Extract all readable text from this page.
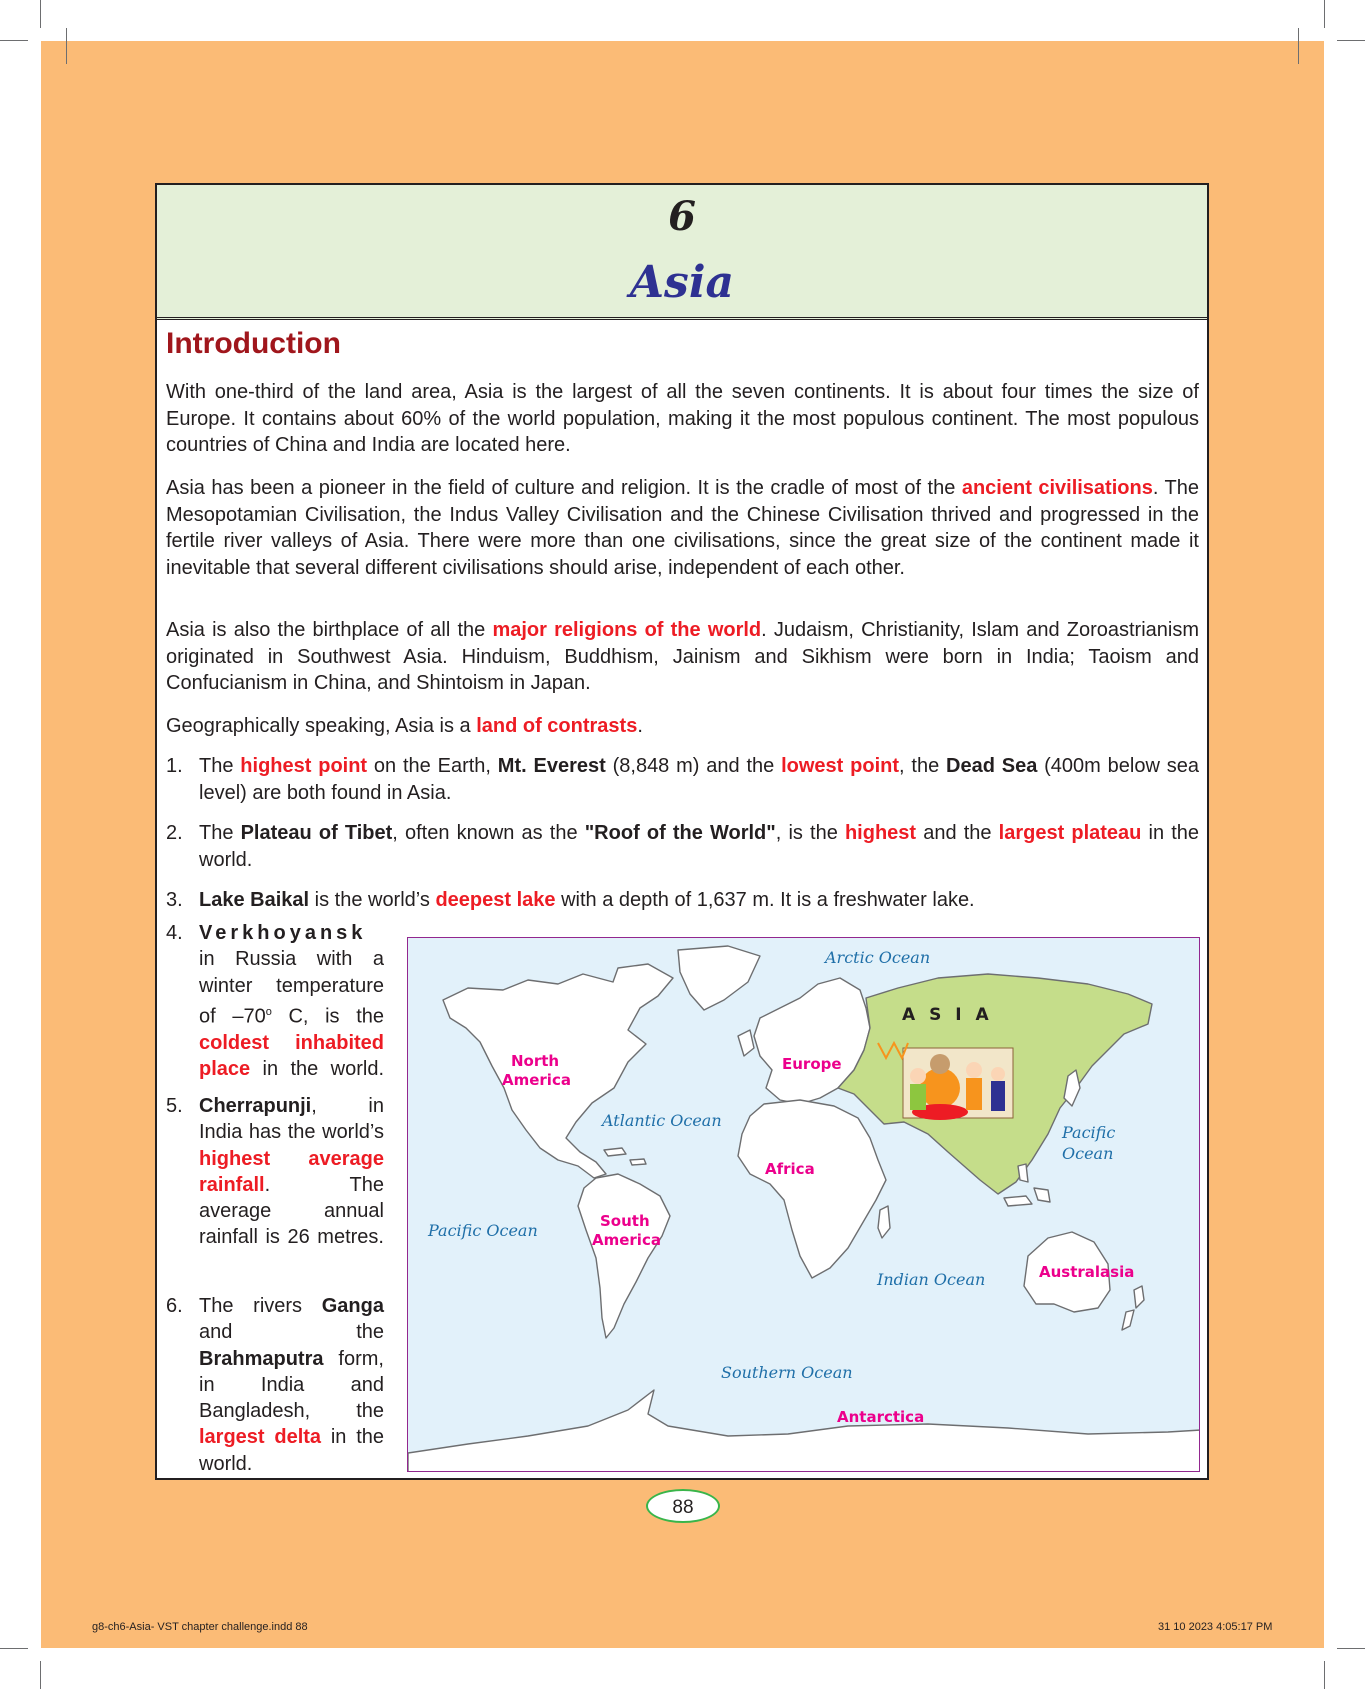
6
Asia
Introduction

With one-third of the land area, Asia is the largest of all the seven continents. It is about four times the size of Europe. It contains about 60% of the world population, making it the most populous continent. The most populous countries of China and India are located here.

Asia has been a pioneer in the field of culture and religion. It is the cradle of most of the ancient civilisations. The Mesopotamian Civilisation, the Indus Valley Civilisation and the Chinese Civilisation thrived and progressed in the fertile river valleys of Asia. There were more than one civilisations, since the great size of the continent made it inevitable that several different civilisations should arise, independent of each other.

Asia is also the birthplace of all the major religions of the world. Judaism, Christianity, Islam and Zoroastrianism originated in Southwest Asia. Hinduism, Buddhism, Jainism and Sikhism were born in India; Taoism and Confucianism in China, and Shintoism in Japan.

Geographically speaking, Asia is a land of contrasts.

1. The highest point on the Earth, Mt. Everest (8,848 m) and the lowest point, the Dead Sea (400m below sea level) are both found in Asia.
2. The Plateau of Tibet, often known as the "Roof of the World", is the highest and the largest plateau in the world.
3. Lake Baikal is the world’s deepest lake with a depth of 1,637 m. It is a freshwater lake.
4. Verkhoyansk in Russia with a winter temperature of –70$^o$ C, is the coldest inhabited place in the world.
5. Cherrapunji, in India has the world’s highest average rainfall. The average annual rainfall is 26 metres.
6. The rivers Ganga and the Brahmaputra form, in India and Bangladesh, the largest delta in the world.
Arctic Ocean
Atlantic Ocean
Pacific Ocean
Pacific
Ocean
Indian Ocean
Southern Ocean
North
America
South
America
Europe
Africa
Australasia
Antarctica
A S I A
88
g8-ch6-Asia- VST chapter challenge.indd 88	31 10 2023 4:05:17 PM
